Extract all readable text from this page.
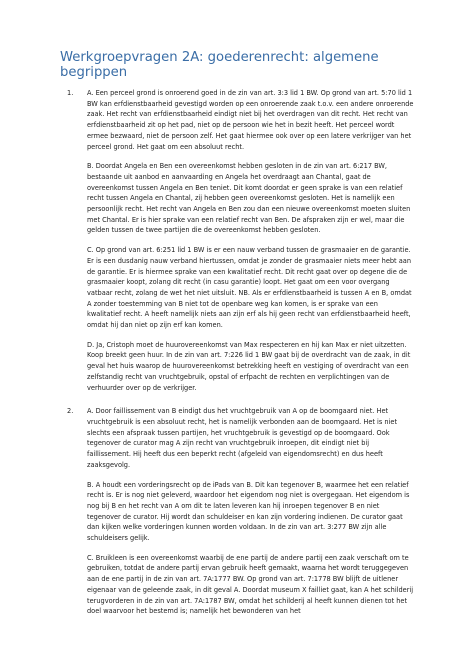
Werkgroepvragen 2A: goederenrecht: algemene begrippen
1. A. Een perceel grond is onroerend goed in de zin van art. 3:3 lid 1 BW. Op grond van art. 5:70 lid 1 BW kan erfdienstbaarheid gevestigd worden op een onroerende zaak t.o.v. een andere onroerende zaak. Het recht van erfdienstbaarheid eindigt niet bij het overdragen van dit recht. Het recht van erfdienstbaarheid zit op het pad, niet op de persoon wie het in bezit heeft. Het perceel wordt ermee bezwaard, niet de persoon zelf. Het gaat hiermee ook over op een latere verkrijger van het perceel grond. Het gaat om een absoluut recht.

B. Doordat Angela en Ben een overeenkomst hebben gesloten in de zin van art. 6:217 BW, bestaande uit aanbod en aanvaarding en Angela het overdraagt aan Chantal, gaat de overeenkomst tussen Angela en Ben teniet. Dit komt doordat er geen sprake is van een relatief recht tussen Angela en Chantal, zij hebben geen overeenkomst gesloten. Het is namelijk een persoonlijk recht. Het recht van Angela en Ben zou dan een nieuwe overeenkomst moeten sluiten met Chantal. Er is hier sprake van een relatief recht van Ben. De afspraken zijn er wel, maar die gelden tussen de twee partijen die de overeenkomst hebben gesloten.

C. Op grond van art. 6:251 lid 1 BW is er een nauw verband tussen de grasmaaier en de garantie. Er is een dusdanig nauw verband hiertussen, omdat je zonder de grasmaaier niets meer hebt aan de garantie. Er is hiermee sprake van een kwalitatief recht. Dit recht gaat over op degene die de grasmaaier koopt, zolang dit recht (in casu garantie) loopt. Het gaat om een voor overgang vatbaar recht, zolang de wet het niet uitsluit. NB. Als er erfdienstbaarheid is tussen A en B, omdat A zonder toestemming van B niet tot de openbare weg kan komen, is er sprake van een kwalitatief recht. A heeft namelijk niets aan zijn erf als hij geen recht van erfdienstbaarheid heeft, omdat hij dan niet op zijn erf kan komen.

D. Ja, Cristoph moet de huurovereenkomst van Max respecteren en hij kan Max er niet uitzetten. Koop breekt geen huur. In de zin van art. 7:226 lid 1 BW gaat bij de overdracht van de zaak, in dit geval het huis waarop de huurovereenkomst betrekking heeft en vestiging of overdracht van een zelfstandig recht van vruchtgebruik, opstal of erfpacht de rechten en verplichtingen van de verhuurder over op de verkrijger.

2. A. Door faillissement van B eindigt dus het vruchtgebruik van A op de boomgaard niet. Het vruchtgebruik is een absoluut recht, het is namelijk verbonden aan de boomgaard. Het is niet slechts een afspraak tussen partijen, het vruchtgebruik is gevestigd op de boomgaard. Ook tegenover de curator mag A zijn recht van vruchtgebruik inroepen, dit eindigt niet bij faillissement. Hij heeft dus een beperkt recht (afgeleid van eigendomsrecht) en dus heeft zaaksgevolg.

B. A houdt een vorderingsrecht op de iPads van B. Dit kan tegenover B, waarmee het een relatief recht is. Er is nog niet geleverd, waardoor het eigendom nog niet is overgegaan. Het eigendom is nog bij B en het recht van A om dit te laten leveren kan hij inroepen tegenover B en niet tegenover de curator. Hij wordt dan schuldeiser en kan zijn vordering indienen. De curator gaat dan kijken welke vorderingen kunnen worden voldaan. In de zin van art. 3:277 BW zijn alle schuldeisers gelijk.

C. Bruikleen is een overeenkomst waarbij de ene partij de andere partij een zaak verschaft om te gebruiken, totdat de andere partij ervan gebruik heeft gemaakt, waarna het wordt teruggegeven aan de ene partij in de zin van art. 7A:1777 BW. Op grond van art. 7:1778 BW blijft de uitlener eigenaar van de geleende zaak, in dit geval A. Doordat museum X failliet gaat, kan A het schilderij terugvorderen in de zin van art. 7A:1787 BW, omdat het schilderij al heeft kunnen dienen tot het doel waarvoor het bestemd is; namelijk het bewonderen van het
